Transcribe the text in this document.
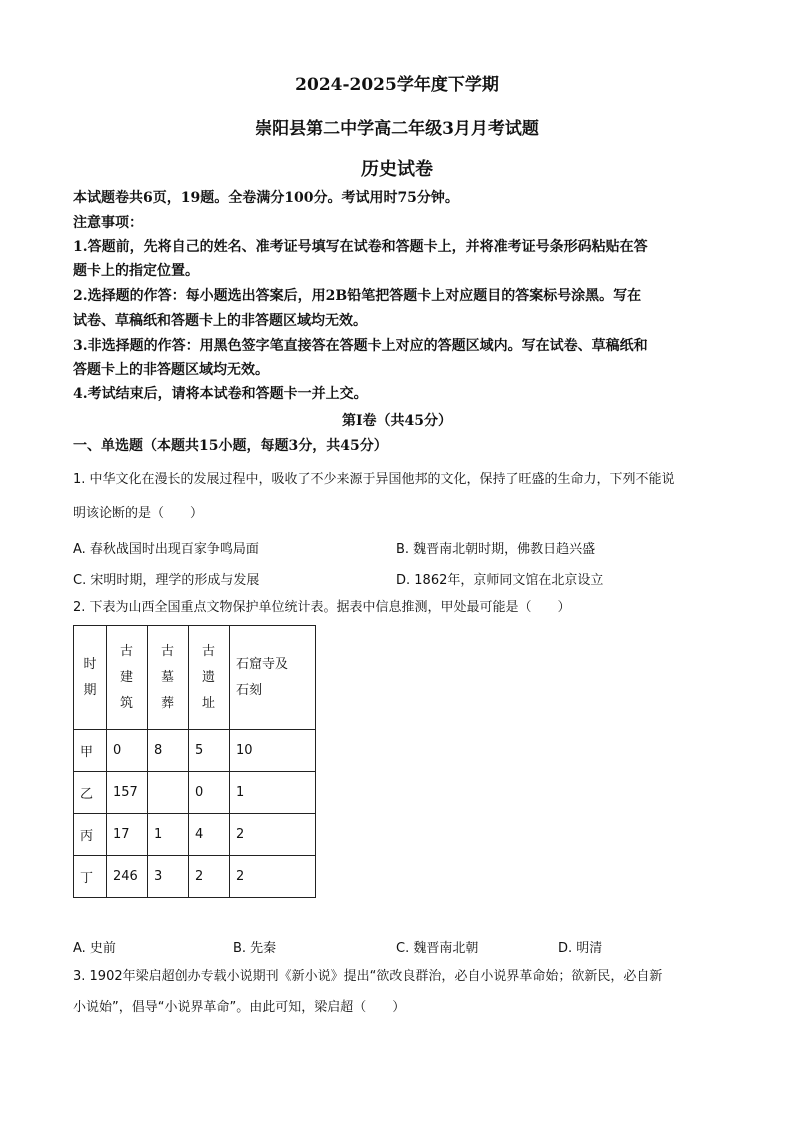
2024-2025学年度下学期
崇阳县第二中学高二年级3月月考试题
历史试卷
本试题卷共6页，19题。全卷满分100分。考试用时75分钟。
注意事项：
1.答题前，先将自己的姓名、准考证号填写在试卷和答题卡上，并将准考证号条形码粘贴在答
题卡上的指定位置。
2.选择题的作答：每小题选出答案后，用2B铅笔把答题卡上对应题目的答案标号涂黑。写在
试卷、草稿纸和答题卡上的非答题区域均无效。
3.非选择题的作答：用黑色签字笔直接答在答题卡上对应的答题区域内。写在试卷、草稿纸和
答题卡上的非答题区域均无效。
4.考试结束后，请将本试卷和答题卡一并上交。
第Ⅰ卷（共45分）
一、单选题（本题共15小题，每题3分，共45分）
1. 中华文化在漫长的发展过程中，吸收了不少来源于异国他邦的文化，保持了旺盛的生命力，下列不能说
明该论断的是（　　）
A. 春秋战国时出现百家争鸣局面	B. 魏晋南北朝时期，佛教日趋兴盛
C. 宋明时期，理学的形成与发展	D. 1862年，京师同文馆在北京设立
2. 下表为山西全国重点文物保护单位统计表。据表中信息推测，甲处最可能是（　　）
时期	古建筑	古墓葬	古遗址	石窟寺及石刻

甲	0	8	5	10
乙	157		0	1
丙	17	1	4	2
丁	246	3	2	2
A. 史前	B. 先秦	C. 魏晋南北朝	D. 明清
3. 1902年梁启超创办专载小说期刊《新小说》提出“欲改良群治，必自小说界革命始；欲新民，必自新
小说始”，倡导“小说界革命”。由此可知，梁启超（　　）
